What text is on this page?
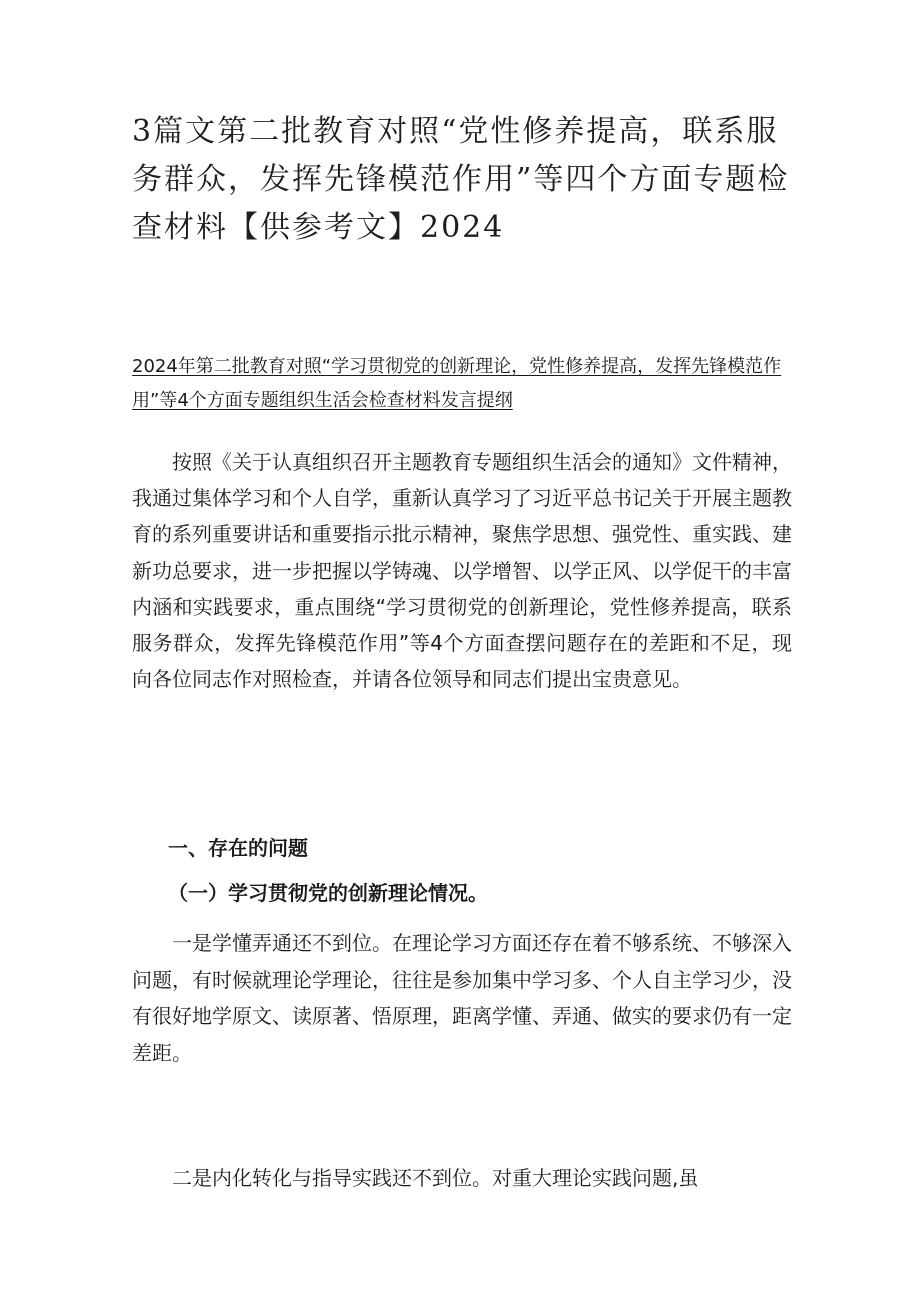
3篇文第二批教育对照“党性修养提高，联系服务群众，发挥先锋模范作用”等四个方面专题检查材料【供参考文】2024

2024年第二批教育对照“学习贯彻党的创新理论，党性修养提高，发挥先锋模范作用”等4个方面专题组织生活会检查材料发言提纲

按照《关于认真组织召开主题教育专题组织生活会的通知》文件精神，我通过集体学习和个人自学，重新认真学习了习近平总书记关于开展主题教育的系列重要讲话和重要指示批示精神，聚焦学思想、强党性、重实践、建新功总要求，进一步把握以学铸魂、以学增智、以学正风、以学促干的丰富内涵和实践要求，重点围绕“学习贯彻党的创新理论，党性修养提高，联系服务群众，发挥先锋模范作用”等4个方面查摆问题存在的差距和不足，现向各位同志作对照检查，并请各位领导和同志们提出宝贵意见。

一、存在的问题
（一）学习贯彻党的创新理论情况。

一是学懂弄通还不到位。在理论学习方面还存在着不够系统、不够深入问题，有时候就理论学理论，往往是参加集中学习多、个人自主学习少，没有很好地学原文、读原著、悟原理，距离学懂、弄通、做实的要求仍有一定差距。

二是内化转化与指导实践还不到位。对重大理论实践问题,虽
